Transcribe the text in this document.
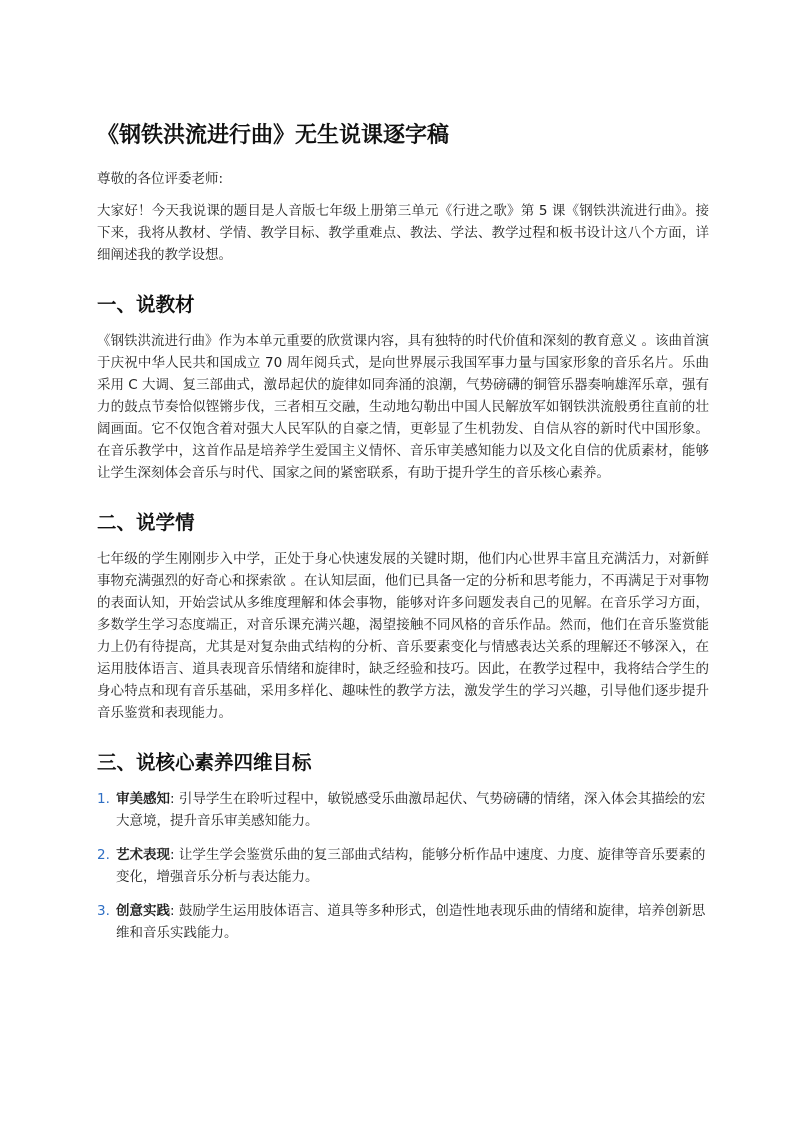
《钢铁洪流进行曲》无生说课逐字稿

尊敬的各位评委老师:

大家好！今天我说课的题目是人音版七年级上册第三单元《行进之歌》第 5 课《钢铁洪流进行曲》。接下来，我将从教材、学情、教学目标、教学重难点、教法、学法、教学过程和板书设计这八个方面，详细阐述我的教学设想。

一、说教材

《钢铁洪流进行曲》作为本单元重要的欣赏课内容，具有独特的时代价值和深刻的教育意义 。该曲首演于庆祝中华人民共和国成立 70 周年阅兵式，是向世界展示我国军事力量与国家形象的音乐名片。乐曲采用 C 大调、复三部曲式，激昂起伏的旋律如同奔涌的浪潮，气势磅礴的铜管乐器奏响雄浑乐章，强有力的鼓点节奏恰似铿锵步伐，三者相互交融，生动地勾勒出中国人民解放军如钢铁洪流般勇往直前的壮阔画面。它不仅饱含着对强大人民军队的自豪之情，更彰显了生机勃发、自信从容的新时代中国形象。在音乐教学中，这首作品是培养学生爱国主义情怀、音乐审美感知能力以及文化自信的优质素材，能够让学生深刻体会音乐与时代、国家之间的紧密联系，有助于提升学生的音乐核心素养。

二、说学情

七年级的学生刚刚步入中学，正处于身心快速发展的关键时期，他们内心世界丰富且充满活力，对新鲜事物充满强烈的好奇心和探索欲 。在认知层面，他们已具备一定的分析和思考能力，不再满足于对事物的表面认知，开始尝试从多维度理解和体会事物，能够对许多问题发表自己的见解。在音乐学习方面，多数学生学习态度端正，对音乐课充满兴趣，渴望接触不同风格的音乐作品。然而，他们在音乐鉴赏能力上仍有待提高，尤其是对复杂曲式结构的分析、音乐要素变化与情感表达关系的理解还不够深入，在运用肢体语言、道具表现音乐情绪和旋律时，缺乏经验和技巧。因此，在教学过程中，我将结合学生的身心特点和现有音乐基础，采用多样化、趣味性的教学方法，激发学生的学习兴趣，引导他们逐步提升音乐鉴赏和表现能力。

三、说核心素养四维目标
1. 审美感知: 引导学生在聆听过程中，敏锐感受乐曲激昂起伏、气势磅礴的情绪，深入体会其描绘的宏大意境，提升音乐审美感知能力。
2. 艺术表现: 让学生学会鉴赏乐曲的复三部曲式结构，能够分析作品中速度、力度、旋律等音乐要素的变化，增强音乐分析与表达能力。
3. 创意实践: 鼓励学生运用肢体语言、道具等多种形式，创造性地表现乐曲的情绪和旋律，培养创新思维和音乐实践能力。
